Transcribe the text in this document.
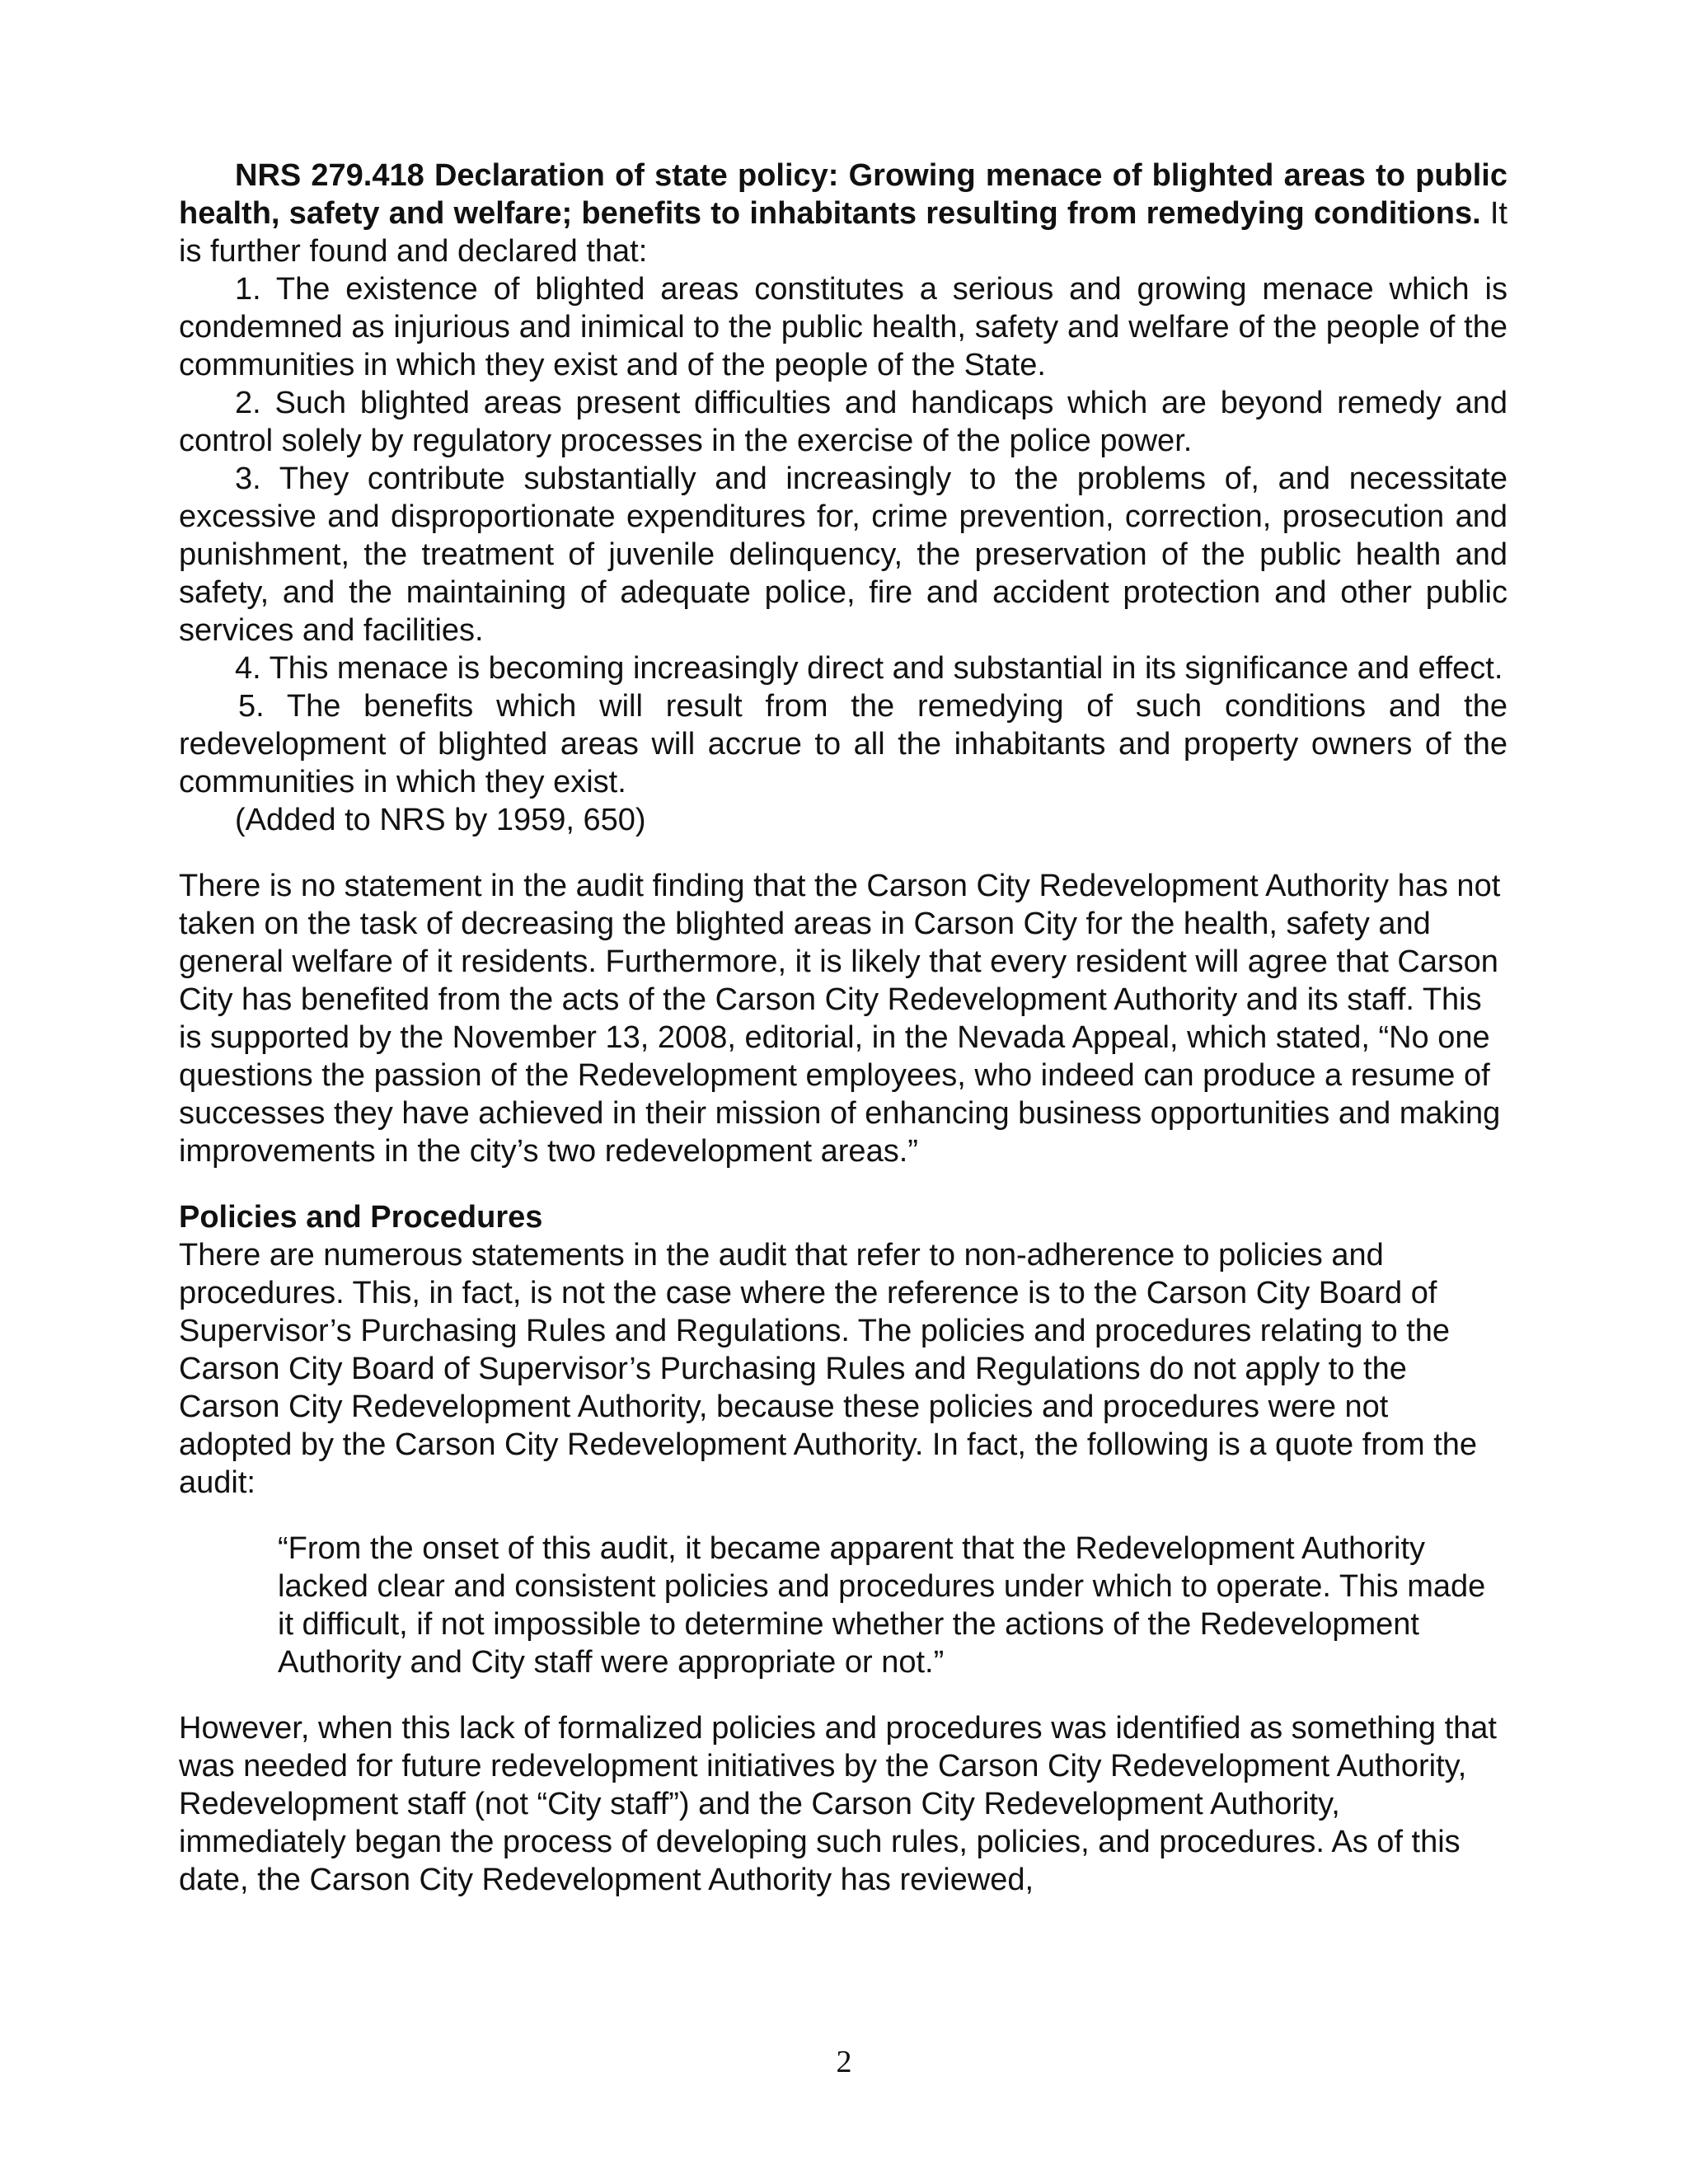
NRS 279.418 Declaration of state policy: Growing menace of blighted areas to public health, safety and welfare; benefits to inhabitants resulting from remedying conditions. It is further found and declared that:

1. The existence of blighted areas constitutes a serious and growing menace which is condemned as injurious and inimical to the public health, safety and welfare of the people of the communities in which they exist and of the people of the State.

2. Such blighted areas present difficulties and handicaps which are beyond remedy and control solely by regulatory processes in the exercise of the police power.

3. They contribute substantially and increasingly to the problems of, and necessitate excessive and disproportionate expenditures for, crime prevention, correction, prosecution and punishment, the treatment of juvenile delinquency, the preservation of the public health and safety, and the maintaining of adequate police, fire and accident protection and other public services and facilities.

4. This menace is becoming increasingly direct and substantial in its significance and effect.

5. The benefits which will result from the remedying of such conditions and the redevelopment of blighted areas will accrue to all the inhabitants and property owners of the communities in which they exist.

(Added to NRS by 1959, 650)

There is no statement in the audit finding that the Carson City Redevelopment Authority has not taken on the task of decreasing the blighted areas in Carson City for the health, safety and general welfare of it residents. Furthermore, it is likely that every resident will agree that Carson City has benefited from the acts of the Carson City Redevelopment Authority and its staff. This is supported by the November 13, 2008, editorial, in the Nevada Appeal, which stated, “No one questions the passion of the Redevelopment employees, who indeed can produce a resume of successes they have achieved in their mission of enhancing business opportunities and making improvements in the city’s two redevelopment areas.”

Policies and Procedures

There are numerous statements in the audit that refer to non-adherence to policies and procedures. This, in fact, is not the case where the reference is to the Carson City Board of Supervisor’s Purchasing Rules and Regulations. The policies and procedures relating to the Carson City Board of Supervisor’s Purchasing Rules and Regulations do not apply to the Carson City Redevelopment Authority, because these policies and procedures were not adopted by the Carson City Redevelopment Authority. In fact, the following is a quote from the audit:

“From the onset of this audit, it became apparent that the Redevelopment Authority lacked clear and consistent policies and procedures under which to operate. This made it difficult, if not impossible to determine whether the actions of the Redevelopment Authority and City staff were appropriate or not.”

However, when this lack of formalized policies and procedures was identified as something that was needed for future redevelopment initiatives by the Carson City Redevelopment Authority, Redevelopment staff (not “City staff”) and the Carson City Redevelopment Authority, immediately began the process of developing such rules, policies, and procedures. As of this date, the Carson City Redevelopment Authority has reviewed,

2
